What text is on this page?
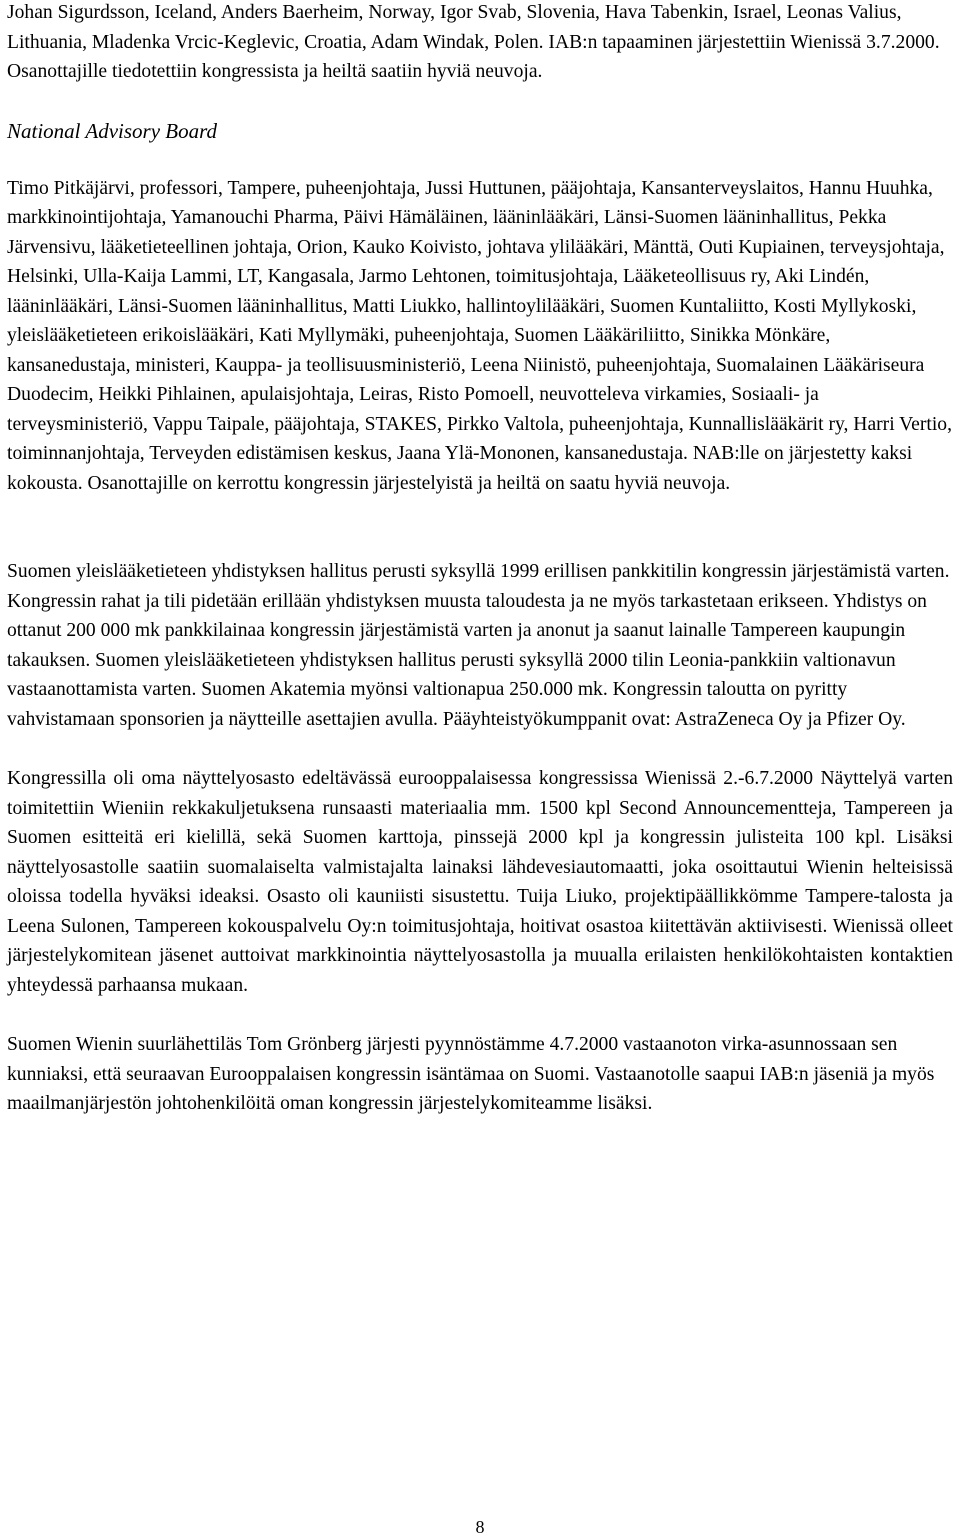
Johan Sigurdsson, Iceland, Anders Baerheim, Norway, Igor Svab, Slovenia, Hava Tabenkin, Israel, Leonas Valius, Lithuania, Mladenka Vrcic-Keglevic, Croatia, Adam Windak, Polen. IAB:n tapaaminen järjestettiin Wienissä 3.7.2000. Osanottajille tiedotettiin kongressista ja heiltä saatiin hyviä neuvoja.

National Advisory Board

Timo Pitkäjärvi, professori, Tampere, puheenjohtaja, Jussi Huttunen, pääjohtaja, Kansanterveyslaitos, Hannu Huuhka, markkinointijohtaja, Yamanouchi Pharma, Päivi Hämäläinen, lääninlääkäri, Länsi-Suomen lääninhallitus, Pekka Järvensivu, lääketieteellinen johtaja, Orion, Kauko Koivisto, johtava ylilääkäri, Mänttä, Outi Kupiainen, terveysjohtaja, Helsinki, Ulla-Kaija Lammi, LT, Kangasala, Jarmo Lehtonen, toimitusjohtaja, Lääketeollisuus ry, Aki Lindén, lääninlääkäri, Länsi-Suomen lääninhallitus, Matti Liukko, hallintoylilääkäri, Suomen Kuntaliitto, Kosti Myllykoski, yleislääketieteen erikoislääkäri, Kati Myllymäki, puheenjohtaja, Suomen Lääkäriliitto, Sinikka Mönkäre, kansanedustaja, ministeri, Kauppa- ja teollisuusministeriö, Leena Niinistö, puheenjohtaja, Suomalainen Lääkäriseura Duodecim, Heikki Pihlainen, apulaisjohtaja, Leiras, Risto Pomoell, neuvotteleva virkamies, Sosiaali- ja terveysministeriö, Vappu Taipale, pääjohtaja, STAKES, Pirkko Valtola, puheenjohtaja, Kunnallislääkärit ry, Harri Vertio, toiminnanjohtaja, Terveyden edistämisen keskus, Jaana Ylä-Mononen, kansanedustaja. NAB:lle on järjestetty kaksi kokousta. Osanottajille on kerrottu kongressin järjestelyistä ja heiltä on saatu hyviä neuvoja.

Suomen yleislääketieteen yhdistyksen hallitus perusti syksyllä 1999 erillisen pankkitilin kongressin järjestämistä varten. Kongressin rahat ja tili pidetään erillään yhdistyksen muusta taloudesta ja ne myös tarkastetaan erikseen. Yhdistys on ottanut 200 000 mk pankkilainaa kongressin järjestämistä varten ja anonut ja saanut lainalle Tampereen kaupungin takauksen. Suomen yleislääketieteen yhdistyksen hallitus perusti syksyllä 2000 tilin Leonia-pankkiin valtionavun vastaanottamista varten. Suomen Akatemia myönsi valtionapua 250.000 mk. Kongressin taloutta on pyritty vahvistamaan sponsorien ja näytteille asettajien avulla. Pääyhteistyökumppanit ovat: AstraZeneca Oy ja Pfizer Oy.

Kongressilla oli oma näyttelyosasto edeltävässä eurooppalaisessa kongressissa Wienissä 2.-6.7.2000 Näyttelyä varten toimitettiin Wieniin rekkakuljetuksena runsaasti materiaalia mm. 1500 kpl Second Announcementteja, Tampereen ja Suomen esitteitä eri kielillä, sekä Suomen karttoja, pinssejä 2000 kpl ja kongressin julisteita 100 kpl. Lisäksi näyttelyosastolle saatiin suomalaiselta valmistajalta lainaksi lähdevesiautomaatti, joka osoittautui Wienin helteisissä oloissa todella hyväksi ideaksi. Osasto oli kauniisti sisustettu. Tuija Liuko, projektipäällikkömme Tampere-talosta ja Leena Sulonen, Tampereen kokouspalvelu Oy:n toimitusjohtaja, hoitivat osastoa kiitettävän aktiivisesti. Wienissä olleet järjestelykomitean jäsenet auttoivat markkinointia näyttelyosastolla ja muualla erilaisten henkilökohtaisten kontaktien yhteydessä parhaansa mukaan.

Suomen Wienin suurlähettiläs Tom Grönberg järjesti pyynnöstämme 4.7.2000 vastaanoton virka-asunnossaan sen kunniaksi, että seuraavan Eurooppalaisen kongressin isäntämaa on Suomi. Vastaanotolle saapui IAB:n jäseniä ja myös maailmanjärjestön johtohenkilöitä oman kongressin järjestelykomiteamme lisäksi.

8
